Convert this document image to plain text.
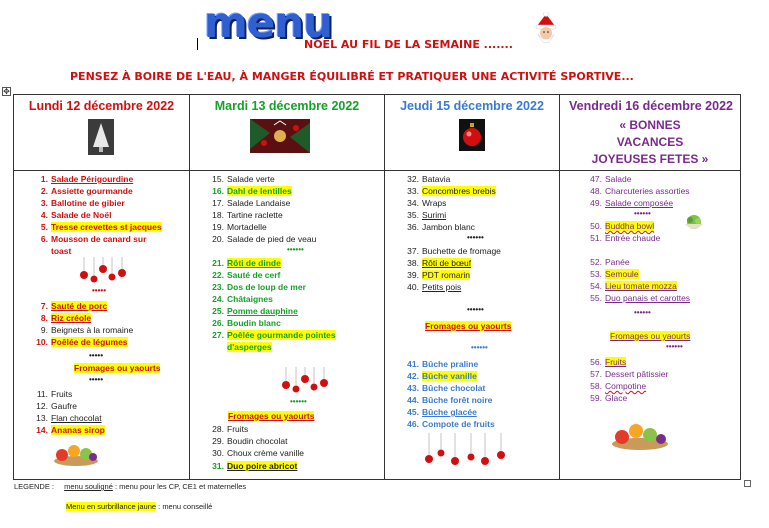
menu
NOEL AU FIL DE LA SEMAINE .......
PENSEZ À BOIRE DE L'EAU, À MANGER ÉQUILIBRÉ ET PRATIQUER UNE ACTIVITÉ SPORTIVE...
✥
Lundi 12 décembre 2022
1. Salade Périgourdine
2. Assiette gourmande
3. Ballotine de gibier
4. Salade de Noël
5. Tresse crevettes st jacques
6. Mousson de canard sur
toast
•••••
7. Sauté de porc
8. Riz créole
9. Beignets à la romaine
10. Poêlée de légumes
•••••
Fromages ou yaourts
•••••
11. Fruits
12. Gaufre
13. Flan chocolat
14. Ananas sirop
Mardi 13 décembre 2022
15. Salade verte
16. Dahl de lentilles
17. Salade Landaise
18. Tartine raclette
19. Mortadelle
20. Salade de pied de veau
••••••
21. Rôti de dinde
22. Sauté de cerf
23. Dos de loup de mer
24. Châtaignes
25. Pomme dauphine
26. Boudin blanc
27. Poêlée gourmande pointes
d'asperges
••••••
Fromages ou yaourts
28. Fruits
29. Boudin chocolat
30. Choux crème vanille
31. Duo poire abricot
Jeudi 15 décembre 2022
32. Batavia
33. Concombres brebis
34. Wraps
35. Surimi
36. Jambon blanc
••••••
37. Buchette de fromage
38. Rôti de bœuf
39. PDT romarin
40. Petits pois
••••••
Fromages ou yaourts
••••••
41. Bûche praline
42. Bûche vanille
43. Bûche chocolat
44. Bûche forêt noire
45. Bûche glacée
46. Compote de fruits
Vendredi 16 décembre 2022
« BONNES VACANCES JOYEUSES FETES »
47. Salade
48. Charcuteries assorties
49. Salade composée
••••••
50. Buddha bowl
51. Entrée chaude
52. Panée
53. Semoule
54. Lieu tomate mozza
55. Duo panais et carottes
••••••
Fromages ou yaourts
••••••
56. Fruits
57. Dessert pâtissier
58. Compotine
59. Glace
LEGENDE : menu souligné : menu pour les CP, CE1 et maternelles
Menu en surbrillance jaune : menu conseillé
